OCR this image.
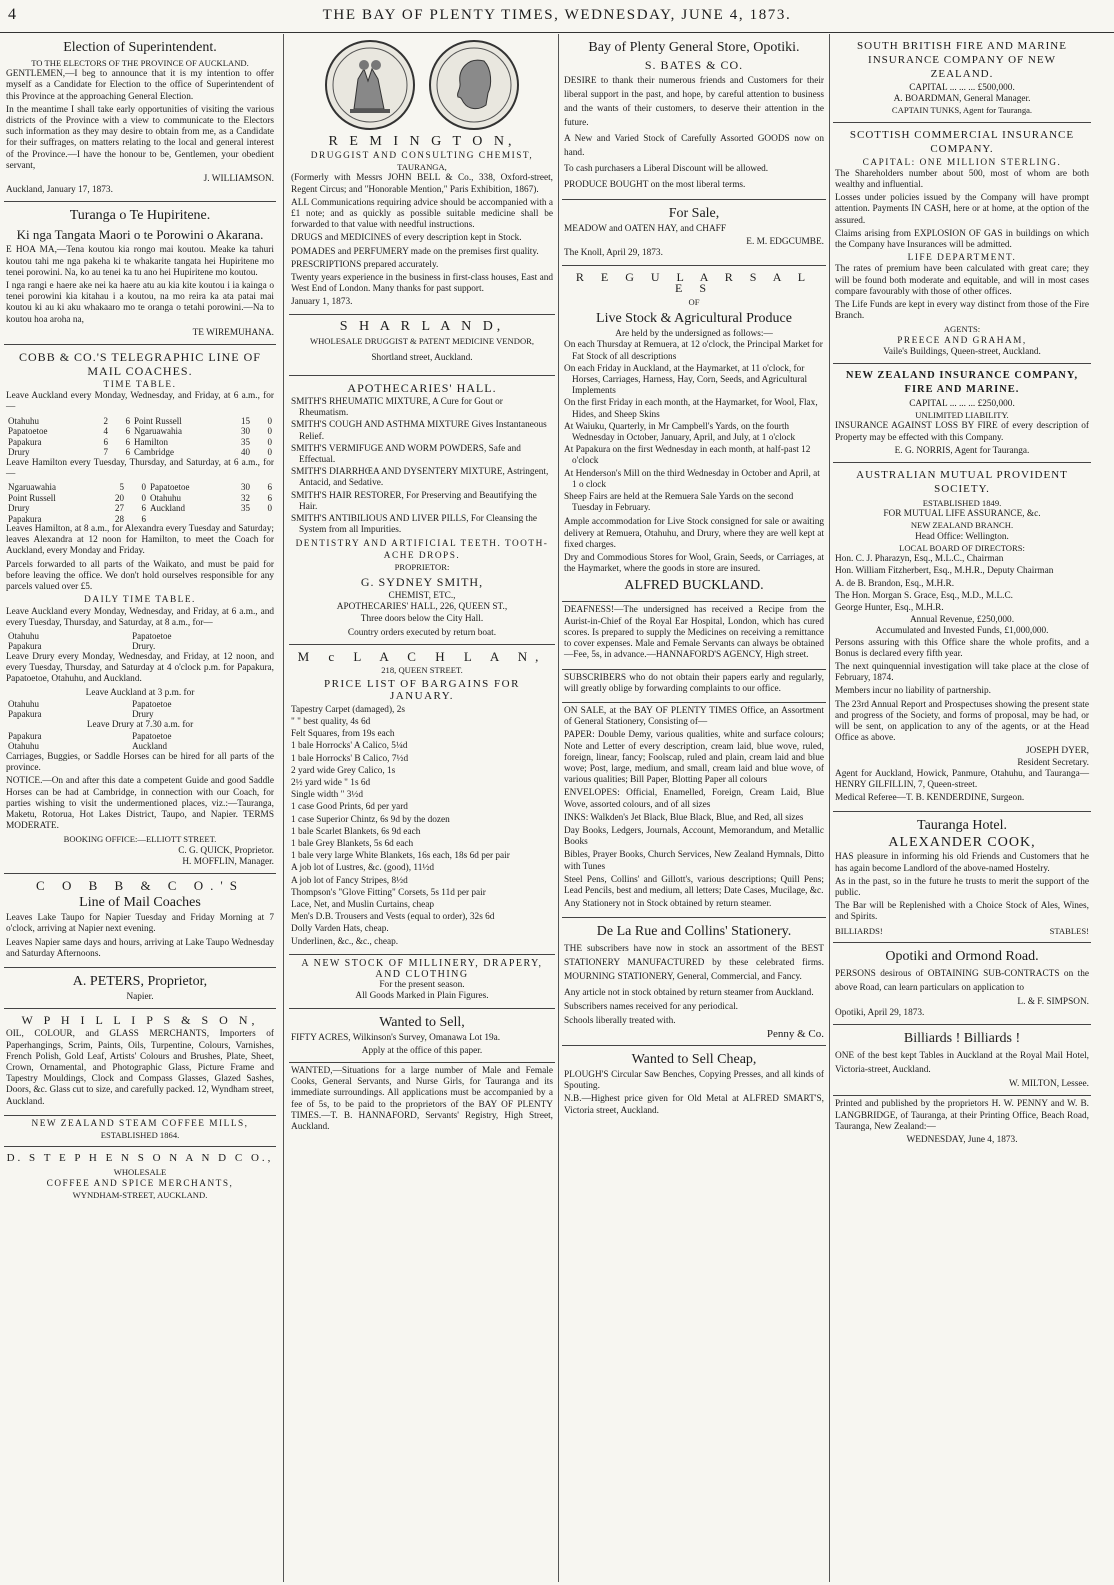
4	THE BAY OF PLENTY TIMES, WEDNESDAY, JUNE 4, 1873.
Election of Superintendent.
TO THE ELECTORS OF THE PROVINCE OF AUCKLAND.

GENTLEMEN,—I beg to announce that it is my intention to offer myself as a Candidate for Election to the office of Superintendent of this Province at the approaching General Election.

In the meantime I shall take early opportunities of visiting the various districts of the Province with a view to communicate to the Electors such information as they may desire to obtain from me, as a Candidate for their suffrages, on matters relating to the local and general interest of the Province.—I have the honour to be, Gentlemen, your obedient servant,

J. WILLIAMSON.
Auckland, January 17, 1873.
Turanga o Te Hupiritene.
Ki nga Tangata Maori o te Porowini o Akarana.

E HOA MA,—Tena koutou kia rongo mai koutou. Meake ka tahuri koutou tahi me nga pakeha ki te whakarite tangata hei Hupiritene mo tenei porowini. Na, ko au tenei ka tu ano hei Hupiritene mo koutou.

I nga rangi e haere ake nei ka haere atu au kia kite koutou i ia kainga o tenei porowini kia kitahau i a koutou, na mo reira ka ata patai mai koutou ki au ki aku whakaaro mo te oranga o tetahi porowini.—Na to koutou hoa aroha na,

TE WIREMUHANA.
COBB & CO.'S TELEGRAPHIC LINE OF MAIL COACHES.
TIME TABLE.

Leave Auckland every Monday, Wednesday, and Friday, at 6 a.m., for—

Otahuhu	2	6	Point Russell	15	0
Papatoetoe	4	6	Ngaruawahia	30	0
Papakura	6	6	Hamilton	35	0
Drury	7	6	Cambridge	40	0

Leave Hamilton every Tuesday, Thursday, and Saturday, at 6 a.m., for—

Ngaruawahia	5	0	Papatoetoe	30	6
Point Russell	20	0	Otahuhu	32	6
Drury	27	6	Auckland	35	0
Papakura	28	6			

Leaves Hamilton, at 8 a.m., for Alexandra every Tuesday and Saturday; leaves Alexandra at 12 noon for Hamilton, to meet the Coach for Auckland, every Monday and Friday.

Parcels forwarded to all parts of the Waikato, and must be paid for before leaving the office. We don't hold ourselves responsible for any parcels valued over £5.

DAILY TIME TABLE.

Leave Auckland every Monday, Wednesday, and Friday, at 6 a.m., and every Tuesday, Thursday, and Saturday, at 8 a.m., for—

Otahuhu	Papatoetoe
Papakura	Drury.

Leave Drury every Monday, Wednesday, and Friday, at 12 noon, and every Tuesday, Thursday, and Saturday at 4 o'clock p.m. for Papakura, Papatoetoe, Otahuhu, and Auckland.

Leave Auckland at 3 p.m. for
Otahuhu	Papatoetoe
Papakura	Drury
Leave Drury at 7.30 a.m. for
Papakura	Papatoetoe
Otahuhu	Auckland

Carriages, Buggies, or Saddle Horses can be hired for all parts of the province.

NOTICE.—On and after this date a competent Guide and good Saddle Horses can be had at Cambridge, in connection with our Coach, for parties wishing to visit the undermentioned places, viz.:—Tauranga, Maketu, Rotorua, Hot Lakes District, Taupo, and Napier. TERMS MODERATE.

BOOKING OFFICE:—ELLIOTT STREET.
C. G. QUICK, Proprietor.
H. MOFFLIN, Manager.
C O B B & C O.'S
Line of Mail Coaches

Leaves Lake Taupo for Napier Tuesday and Friday Morning at 7 o'clock, arriving at Napier next evening.

Leaves Napier same days and hours, arriving at Lake Taupo Wednesday and Saturday Afternoons.

A. PETERS, Proprietor,
Napier.
W P H I L L I P S & S O N,

OIL, COLOUR, and GLASS MERCHANTS, Importers of Paperhangings, Scrim, Paints, Oils, Turpentine, Colours, Varnishes, French Polish, Gold Leaf, Artists' Colours and Brushes, Plate, Sheet, Crown, Ornamental, and Photographic Glass, Picture Frame and Tapestry Mouldings, Clock and Compass Glasses, Glazed Sashes, Doors, &c. Glass cut to size, and carefully packed. 12, Wyndham street, Auckland.

NEW ZEALAND STEAM COFFEE MILLS,
ESTABLISHED 1864.
D. S T E P H E N S O N A N D C O.,
WHOLESALE
COFFEE AND SPICE MERCHANTS,
WYNDHAM-STREET, AUCKLAND.
R E M I N G T O N,
DRUGGIST AND CONSULTING CHEMIST,
TAURANGA,

(Formerly with Messrs JOHN BELL & Co., 338, Oxford-street, Regent Circus; and "Honorable Mention," Paris Exhibition, 1867).

ALL Communications requiring advice should be accompanied with a £1 note; and as quickly as possible suitable medicine shall be forwarded to that value with needful instructions.

DRUGS and MEDICINES of every description kept in Stock.

POMADES and PERFUMERY made on the premises first quality.

PRESCRIPTIONS prepared accurately.

Twenty years experience in the business in first-class houses, East and West End of London. Many thanks for past support.

January 1, 1873.
S H A R L A N D,
WHOLESALE DRUGGIST & PATENT MEDICINE VENDOR,
Shortland street, Auckland.
APOTHECARIES' HALL.
SMITH'S RHEUMATIC MIXTURE, A Cure for Gout or Rheumatism.
SMITH'S COUGH AND ASTHMA MIXTURE Gives Instantaneous Relief.
SMITH'S VERMIFUGE AND WORM POWDERS, Safe and Effectual.
SMITH'S DIARRHŒA AND DYSENTERY MIXTURE, Astringent, Antacid, and Sedative.
SMITH'S HAIR RESTORER, For Preserving and Beautifying the Hair.
SMITH'S ANTIBILIOUS AND LIVER PILLS, For Cleansing the System from all Impurities.
DENTISTRY AND ARTIFICIAL TEETH. TOOTH-ACHE DROPS.
PROPRIETOR:
G. SYDNEY SMITH,
CHEMIST, ETC.,
APOTHECARIES' HALL, 226, QUEEN ST.,
Three doors below the City Hall.
Country orders executed by return boat.
M c L A C H L A N,
218, QUEEN STREET.
PRICE LIST OF BARGAINS FOR JANUARY.
Tapestry Carpet (damaged), 2s
" " best quality, 4s 6d
Felt Squares, from 19s each
1 bale Horrocks' A Calico, 5¼d
1 bale Horrocks' B Calico, 7½d
2 yard wide Grey Calico, 1s
2½ yard wide " 1s 6d
Single width " 3½d
1 case Good Prints, 6d per yard
1 case Superior Chintz, 6s 9d by the dozen
1 bale Scarlet Blankets, 6s 9d each
1 bale Grey Blankets, 5s 6d each
1 bale very large White Blankets, 16s each, 18s 6d per pair
A job lot of Lustres, &c. (good), 11½d
A job lot of Fancy Stripes, 8½d
Thompson's "Glove Fitting" Corsets, 5s 11d per pair
Lace, Net, and Muslin Curtains, cheap
Men's D.B. Trousers and Vests (equal to order), 32s 6d
Dolly Varden Hats, cheap.
Underlinen, &c., &c., cheap.
A NEW STOCK OF MILLINERY, DRAPERY, AND CLOTHING
For the present season.
All Goods Marked in Plain Figures.
Wanted to Sell,

FIFTY ACRES, Wilkinson's Survey, Omanawa Lot 19a.

Apply at the office of this paper.

WANTED,—Situations for a large number of Male and Female Cooks, General Servants, and Nurse Girls, for Tauranga and its immediate surroundings. All applications must be accompanied by a fee of 5s, to be paid to the proprietors of the BAY OF PLENTY TIMES.—T. B. HANNAFORD, Servants' Registry, High Street, Auckland.

Bay of Plenty General Store, Opotiki.
S. BATES & CO.

DESIRE to thank their numerous friends and Customers for their liberal support in the past, and hope, by careful attention to business and the wants of their customers, to deserve their attention in the future.

A New and Varied Stock of Carefully Assorted GOODS now on hand.

To cash purchasers a Liberal Discount will be allowed.

PRODUCE BOUGHT on the most liberal terms.

For Sale,

MEADOW and OATEN HAY, and CHAFF

E. M. EDGCUMBE.
The Knoll, April 29, 1873.
R E G U L A R S A L E S
OF
Live Stock & Agricultural Produce
Are held by the undersigned as follows:—
On each Thursday at Remuera, at 12 o'clock, the Principal Market for Fat Stock of all descriptions
On each Friday in Auckland, at the Haymarket, at 11 o'clock, for Horses, Carriages, Harness, Hay, Corn, Seeds, and Agricultural Implements
On the first Friday in each month, at the Haymarket, for Wool, Flax, Hides, and Sheep Skins
At Waiuku, Quarterly, in Mr Campbell's Yards, on the fourth Wednesday in October, January, April, and July, at 1 o'clock
At Papakura on the first Wednesday in each month, at half-past 12 o'clock
At Henderson's Mill on the third Wednesday in October and April, at 1 o clock
Sheep Fairs are held at the Remuera Sale Yards on the second Tuesday in February.

Ample accommodation for Live Stock consigned for sale or awaiting delivery at Remuera, Otahuhu, and Drury, where they are well kept at fixed charges.

Dry and Commodious Stores for Wool, Grain, Seeds, or Carriages, at the Haymarket, where the goods in store are insured.

ALFRED BUCKLAND.

DEAFNESS!—The undersigned has received a Recipe from the Aurist-in-Chief of the Royal Ear Hospital, London, which has cured scores. Is prepared to supply the Medicines on receiving a remittance to cover expenses. Male and Female Servants can always be obtained—Fee, 5s, in advance.—HANNAFORD'S AGENCY, High street.

SUBSCRIBERS who do not obtain their papers early and regularly, will greatly oblige by forwarding complaints to our office.

ON SALE, at the BAY OF PLENTY TIMES Office, an Assortment of General Stationery, Consisting of—

PAPER: Double Demy, various qualities, white and surface colours; Note and Letter of every description, cream laid, blue wove, ruled, foreign, linear, fancy; Foolscap, ruled and plain, cream laid and blue wove; Post, large, medium, and small, cream laid and blue wove, of various qualities; Bill Paper, Blotting Paper all colours

ENVELOPES: Official, Enamelled, Foreign, Cream Laid, Blue Wove, assorted colours, and of all sizes

INKS: Walkden's Jet Black, Blue Black, Blue, and Red, all sizes

Day Books, Ledgers, Journals, Account, Memorandum, and Metallic Books

Bibles, Prayer Books, Church Services, New Zealand Hymnals, Ditto with Tunes

Steel Pens, Collins' and Gillott's, various descriptions; Quill Pens; Lead Pencils, best and medium, all letters; Date Cases, Mucilage, &c.

Any Stationery not in Stock obtained by return steamer.

De La Rue and Collins' Stationery.

THE subscribers have now in stock an assortment of the BEST STATIONERY MANUFACTURED by these celebrated firms. MOURNING STATIONERY, General, Commercial, and Fancy.

Any article not in stock obtained by return steamer from Auckland.

Subscribers names received for any periodical.

Schools liberally treated with.

Penny & Co.
Wanted to Sell Cheap,

PLOUGH'S Circular Saw Benches, Copying Presses, and all kinds of Spouting.

N.B.—Highest price given for Old Metal at ALFRED SMART'S, Victoria street, Auckland.

SOUTH BRITISH FIRE AND MARINE INSURANCE COMPANY OF NEW ZEALAND.
CAPITAL ... ... ... £500,000.
A. BOARDMAN, General Manager.
CAPTAIN TUNKS, Agent for Tauranga.
SCOTTISH COMMERCIAL INSURANCE COMPANY.
CAPITAL: ONE MILLION STERLING.

The Shareholders number about 500, most of whom are both wealthy and influential.

Losses under policies issued by the Company will have prompt attention. Payments IN CASH, here or at home, at the option of the assured.

Claims arising from EXPLOSION OF GAS in buildings on which the Company have Insurances will be admitted.

LIFE DEPARTMENT.

The rates of premium have been calculated with great care; they will be found both moderate and equitable, and will in most cases compare favourably with those of other offices.

The Life Funds are kept in every way distinct from those of the Fire Branch.

AGENTS:
PREECE AND GRAHAM,
Vaile's Buildings, Queen-street, Auckland.
NEW ZEALAND INSURANCE COMPANY, FIRE AND MARINE.
CAPITAL ... ... ... £250,000.
UNLIMITED LIABILITY.

INSURANCE AGAINST LOSS BY FIRE of every description of Property may be effected with this Company.

E. G. NORRIS, Agent for Tauranga.
AUSTRALIAN MUTUAL PROVIDENT SOCIETY.
ESTABLISHED 1849.
FOR MUTUAL LIFE ASSURANCE, &c.
NEW ZEALAND BRANCH.
Head Office: Wellington.
LOCAL BOARD OF DIRECTORS:
Hon. C. J. Pharazyn, Esq., M.L.C., Chairman
Hon. William Fitzherbert, Esq., M.H.R., Deputy Chairman
A. de B. Brandon, Esq., M.H.R.
The Hon. Morgan S. Grace, Esq., M.D., M.L.C.
George Hunter, Esq., M.H.R.
Annual Revenue, £250,000.
Accumulated and Invested Funds, £1,000,000.

Persons assuring with this Office share the whole profits, and a Bonus is declared every fifth year.

The next quinquennial investigation will take place at the close of February, 1874.

Members incur no liability of partnership.

The 23rd Annual Report and Prospectuses showing the present state and progress of the Society, and forms of proposal, may be had, or will be sent, on application to any of the agents, or at the Head Office as above.

JOSEPH DYER,
Resident Secretary.

Agent for Auckland, Howick, Panmure, Otahuhu, and Tauranga—HENRY GILFILLIN, 7, Queen-street.

Medical Referee—T. B. KENDERDINE, Surgeon.

Tauranga Hotel.
ALEXANDER COOK,

HAS pleasure in informing his old Friends and Customers that he has again become Landlord of the above-named Hostelry.

As in the past, so in the future he trusts to merit the support of the public.

The Bar will be Replenished with a Choice Stock of Ales, Wines, and Spirits.

BILLIARDS!	STABLES!
Opotiki and Ormond Road.

PERSONS desirous of OBTAINING SUB-CONTRACTS on the above Road, can learn particulars on application to

L. & F. SIMPSON.
Opotiki, April 29, 1873.
Billiards ! Billiards !

ONE of the best kept Tables in Auckland at the Royal Mail Hotel, Victoria-street, Auckland.

W. MILTON, Lessee.

Printed and published by the proprietors H. W. PENNY and W. B. LANGBRIDGE, of Tauranga, at their Printing Office, Beach Road, Tauranga, New Zealand:—

WEDNESDAY, June 4, 1873.
